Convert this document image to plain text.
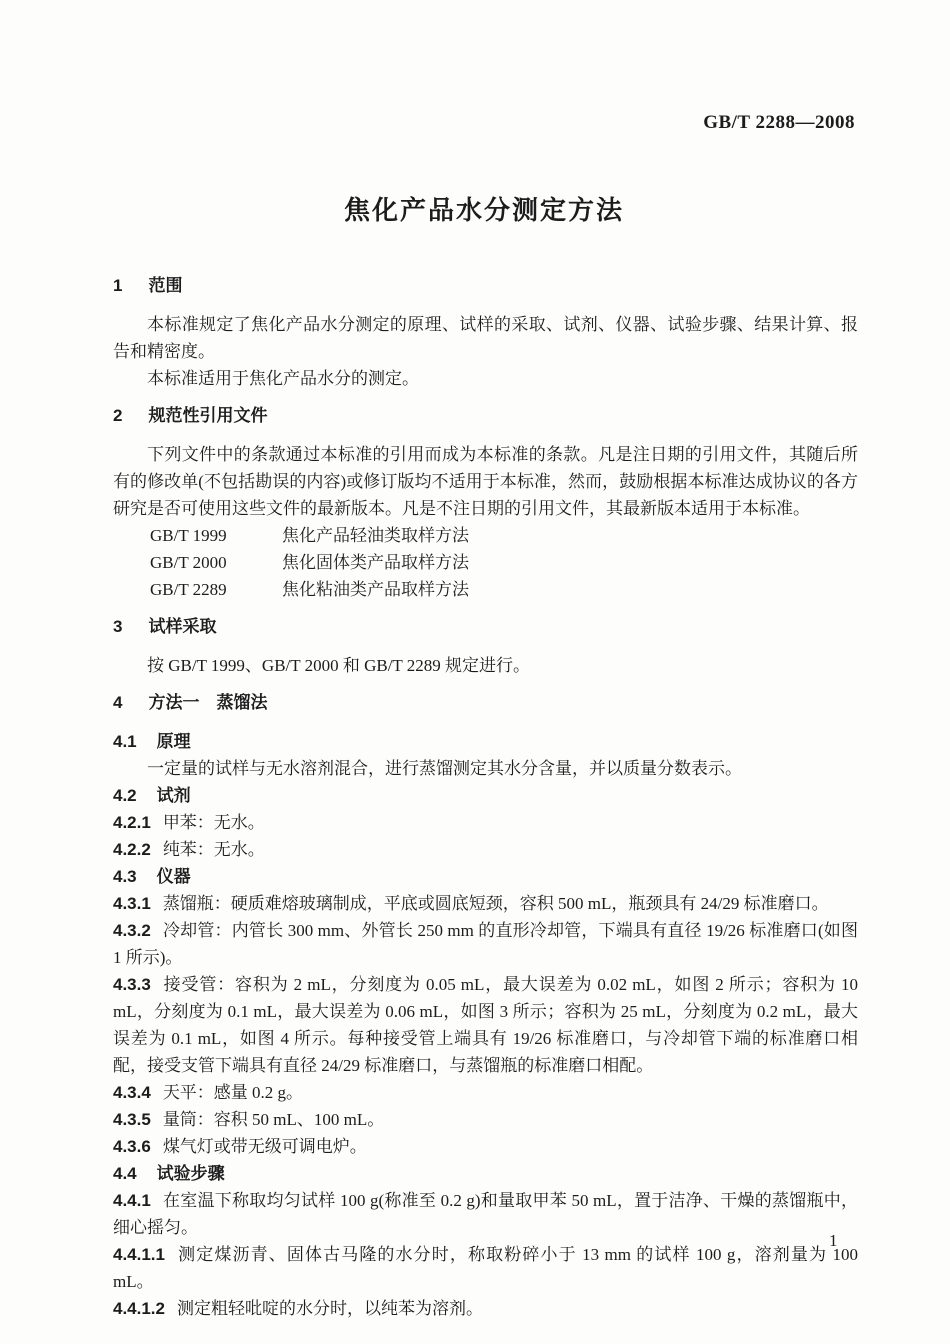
GB/T 2288—2008
焦化产品水分测定方法
1 范围

本标准规定了焦化产品水分测定的原理、试样的采取、试剂、仪器、试验步骤、结果计算、报告和精密度。

本标准适用于焦化产品水分的测定。

2 规范性引用文件

下列文件中的条款通过本标准的引用而成为本标准的条款。凡是注日期的引用文件，其随后所有的修改单(不包括勘误的内容)或修订版均不适用于本标准，然而，鼓励根据本标准达成协议的各方研究是否可使用这些文件的最新版本。凡是不注日期的引用文件，其最新版本适用于本标准。

GB/T 1999	焦化产品轻油类取样方法
GB/T 2000	焦化固体类产品取样方法
GB/T 2289	焦化粘油类产品取样方法
3 试样采取

按 GB/T 1999、GB/T 2000 和 GB/T 2289 规定进行。

4 方法一　蒸馏法
4.1 原理

一定量的试样与无水溶剂混合，进行蒸馏测定其水分含量，并以质量分数表示。

4.2 试剂
4.2.1 甲苯：无水。
4.2.2 纯苯：无水。
4.3 仪器
4.3.1 蒸馏瓶：硬质难熔玻璃制成，平底或圆底短颈，容积 500 mL，瓶颈具有 24/29 标准磨口。
4.3.2 冷却管：内管长 300 mm、外管长 250 mm 的直形冷却管，下端具有直径 19/26 标准磨口(如图 1 所示)。
4.3.3 接受管：容积为 2 mL，分刻度为 0.05 mL，最大误差为 0.02 mL，如图 2 所示；容积为 10 mL，分刻度为 0.1 mL，最大误差为 0.06 mL，如图 3 所示；容积为 25 mL，分刻度为 0.2 mL，最大误差为 0.1 mL，如图 4 所示。每种接受管上端具有 19/26 标准磨口，与冷却管下端的标准磨口相配，接受支管下端具有直径 24/29 标准磨口，与蒸馏瓶的标准磨口相配。
4.3.4 天平：感量 0.2 g。
4.3.5 量筒：容积 50 mL、100 mL。
4.3.6 煤气灯或带无级可调电炉。
4.4 试验步骤
4.4.1 在室温下称取均匀试样 100 g(称准至 0.2 g)和量取甲苯 50 mL，置于洁净、干燥的蒸馏瓶中，细心摇匀。
4.4.1.1 测定煤沥青、固体古马隆的水分时，称取粉碎小于 13 mm 的试样 100 g，溶剂量为 100 mL。
4.4.1.2 测定粗轻吡啶的水分时，以纯苯为溶剂。
1
